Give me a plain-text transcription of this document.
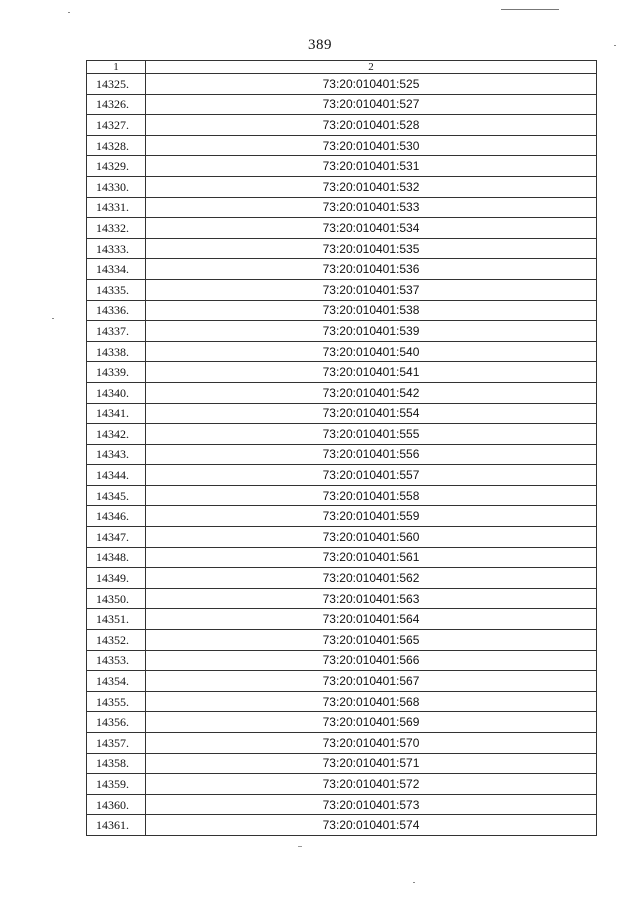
389
1	2
14325.	73:20:010401:525
14326.	73:20:010401:527
14327.	73:20:010401:528
14328.	73:20:010401:530
14329.	73:20:010401:531
14330.	73:20:010401:532
14331.	73:20:010401:533
14332.	73:20:010401:534
14333.	73:20:010401:535
14334.	73:20:010401:536
14335.	73:20:010401:537
14336.	73:20:010401:538
14337.	73:20:010401:539
14338.	73:20:010401:540
14339.	73:20:010401:541
14340.	73:20:010401:542
14341.	73:20:010401:554
14342.	73:20:010401:555
14343.	73:20:010401:556
14344.	73:20:010401:557
14345.	73:20:010401:558
14346.	73:20:010401:559
14347.	73:20:010401:560
14348.	73:20:010401:561
14349.	73:20:010401:562
14350.	73:20:010401:563
14351.	73:20:010401:564
14352.	73:20:010401:565
14353.	73:20:010401:566
14354.	73:20:010401:567
14355.	73:20:010401:568
14356.	73:20:010401:569
14357.	73:20:010401:570
14358.	73:20:010401:571
14359.	73:20:010401:572
14360.	73:20:010401:573
14361.	73:20:010401:574
